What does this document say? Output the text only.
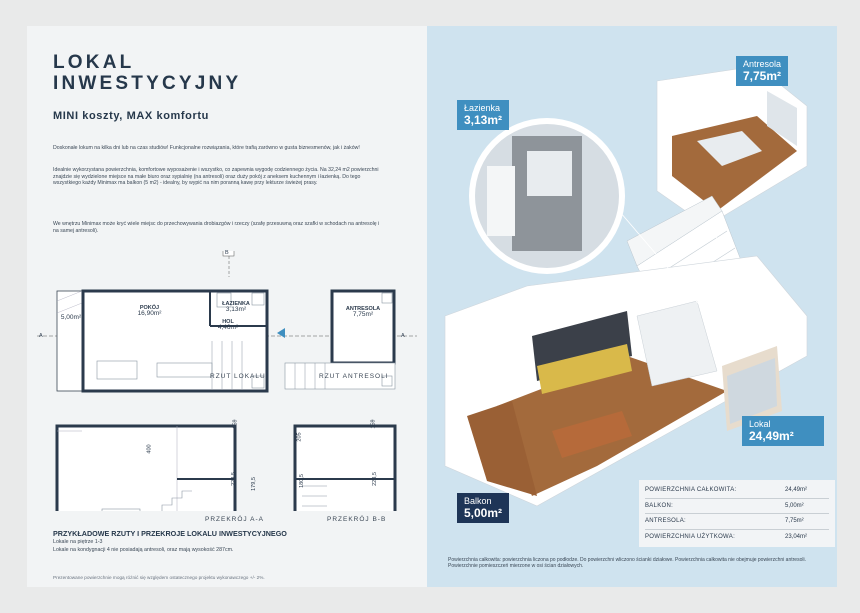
LOKAL
INWESTYCYJNY
MINI koszty, MAX komfortu
Doskonałe lokum na kilka dni lub na czas studiów! Funkcjonalne rozwiązania, które trafią zarówno w gusta biznesmenów, jak i żaków!
Idealnie wykorzystana powierzchnia, komfortowe wyposażenie i wszystko, co zapewnia wygodę codziennego życia. Na 32,24 m2 powierzchni znajdzie się wydzielone miejsce na małe biuro oraz sypialnię (na antresoli) oraz duży pokój z aneksem kuchennym i łazienką. Do tego wszystkiego każdy Minimax ma balkon (5 m2) - idealny, by wypić na nim poranną kawę przy lekturze świeżej prasy.
We wnętrzu Minimax może kryć wiele miejsc do przechowywania drobiazgów i rzeczy (szafę przesuwną oraz szafki w schodach na antresolę i na samej antresoli).
5,00m²
POKÓJ
16,90m²
ŁAZIENKA
3,13m²
HOL
4,46m²
ANTRESOLA
7,75m²
A	A
B
RZUT LOKALU	RZUT ANTRESOLI
PRZEKRÓJ A-A	PRZEKRÓJ B-B
400
159
223,5	179,5
205
159
223,5
180,5
PRZYKŁADOWE RZUTY I PRZEKROJE LOKALU INWESTYCYJNEGO
Lokale na piętrze 1-3
Lokale na kondygnacji 4 nie posiadają antresoli, oraz mają wysokość 287cm.
Prezentowane powierzchnie mogą różnić się względem ostatecznego projektu wykonawczego +/- 2%.
Antresola
7,75m²
Łazienka
3,13m²
Lokal
24,49m²
Balkon
5,00m²
Powierzchnia całkowita: powierzchnia liczona po podłodze. Do powierzchni wliczono ścianki działowe. Powierzchnia całkowita nie obejmuje powierzchni antresoli. Powierzchnie pomieszczeń mierzone w osi ścian działowych.
POWIERZCHNIA CAŁKOWITA:	24,49m²
BALKON:	5,00m²
ANTRESOLA:	7,75m²
POWIERZCHNIA UŻYTKOWA:	23,04m²
